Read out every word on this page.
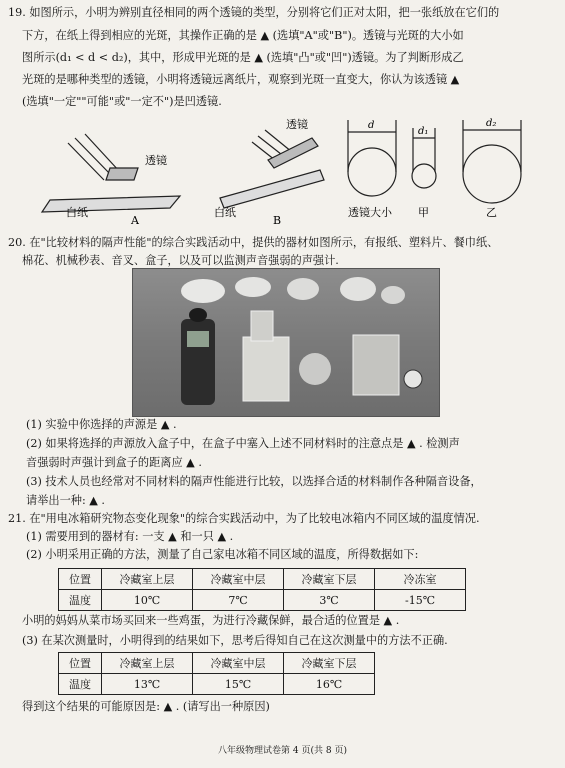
19. 如图所示，小明为辨别直径相同的两个透镜的类型，分别将它们正对太阳，把一张纸放在它们的
下方，在纸上得到相应的光斑，其操作正确的是 ▲ (选填"A"或"B")。透镜与光斑的大小如
图所示(d₁ < d < d₂)，其中，形成甲光斑的是 ▲ (选填"凸"或"凹")透镜。为了判断形成乙
光斑的是哪种类型的透镜，小明将透镜远离纸片，观察到光斑一直变大，你认为该透镜 ▲
(选填"一定""可能"或"一定不")是凹透镜.
透镜
白纸
A
透镜
白纸
B
d
d₁
d₂
透镜大小 甲	乙
20. 在"比较材料的隔声性能"的综合实践活动中，提供的器材如图所示，有报纸、塑料片、餐巾纸、
棉花、机械秒表、音叉、盒子，以及可以监测声音强弱的声强计.
(1) 实验中你选择的声源是 ▲ .
(2) 如果将选择的声源放入盒子中，在盒子中塞入上述不同材料时的注意点是 ▲ . 检测声
音强弱时声强计到盒子的距离应 ▲ .
(3) 技术人员也经常对不同材料的隔声性能进行比较，以选择合适的材料制作各种隔音设备，
请举出一种: ▲ .
21. 在"用电冰箱研究物态变化现象"的综合实践活动中，为了比较电冰箱内不同区域的温度情况.
(1) 需要用到的器材有: 一支 ▲ 和一只 ▲ .
(2) 小明采用正确的方法，测量了自己家电冰箱不同区域的温度，所得数据如下:
位置	冷藏室上层	冷藏室中层	冷藏室下层	冷冻室
温度	10℃	7℃	3℃	-15℃
小明的妈妈从菜市场买回来一些鸡蛋，为进行冷藏保鲜，最合适的位置是 ▲ .
(3) 在某次测量时，小明得到的结果如下，思考后得知自己在这次测量中的方法不正确.
位置	冷藏室上层	冷藏室中层	冷藏室下层
温度	13℃	15℃	16℃
得到这个结果的可能原因是: ▲ . (请写出一种原因)
八年级物理试卷第 4 页(共 8 页)
